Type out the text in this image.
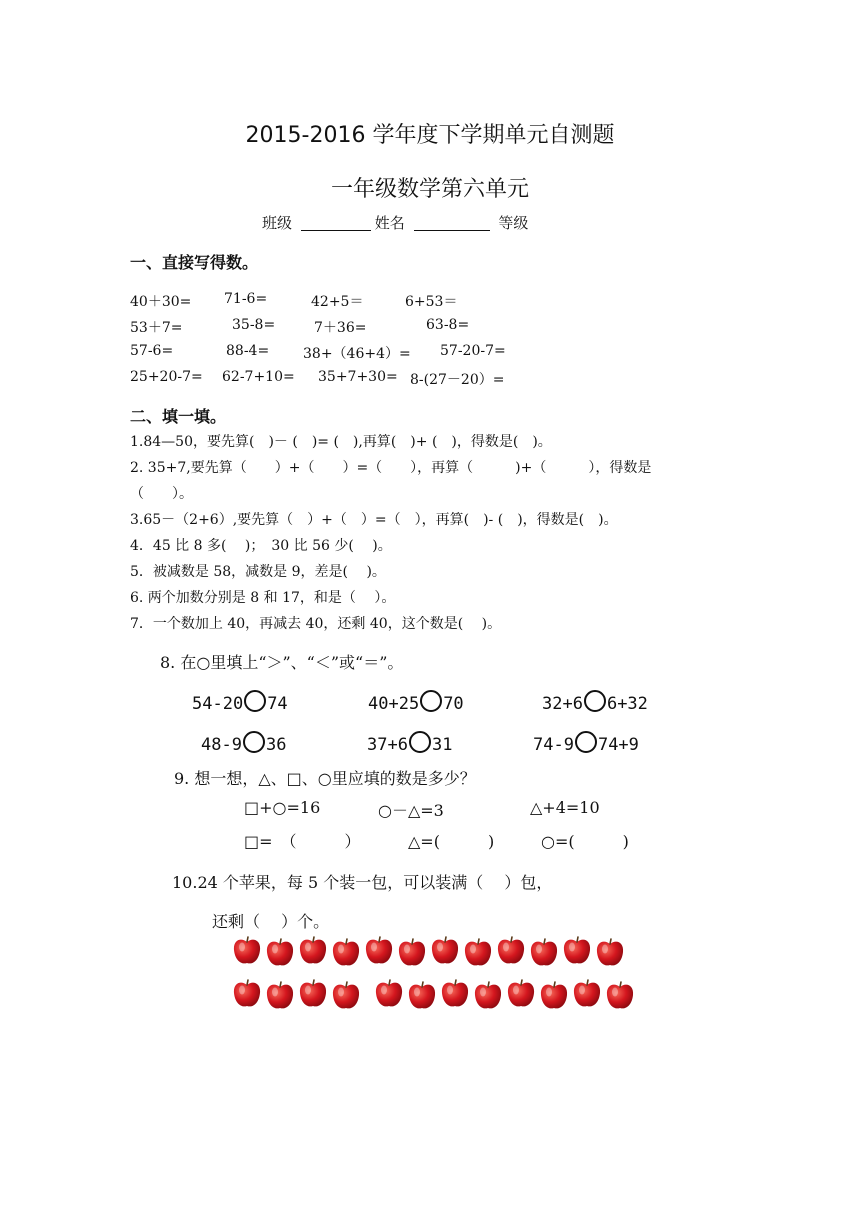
2015-2016 学年度下学期单元自测题
一年级数学第六单元
班级	姓名	等级
一、直接写得数。
40＋30= 71-6=	42+5＝	6+53＝
53＋7=	35-8=	7＋36=	63-8=
57-6=	88-4= 38+（46+4）= 57-20-7=
25+20-7= 62-7+10= 35+7+30= 8-(27－20）=
二、填一填。
1.84—50，要先算(　)－ (　)= (　),再算(　)+ (　)，得数是(　)。
2. 35+7,要先算（　　）+（　　）=（　　），再算（　　　)+（　　　），得数是
（　　）。
3.65－（2+6）,要先算（　）+（　）=（　），再算(　)- (　)，得数是(　)。
4．45 比 8 多(　 )；　30 比 56 少(　 )。
5．被减数是 58，减数是 9，差是(　 )。
6. 两个加数分别是 8 和 17，和是（　 ）。
7．一个数加上 40，再减去 40，还剩 40，这个数是(　 )。
8. 在○里填上“＞”、“＜”或“＝”。
54-20 74	40+25 70	32+6 6+32
48-9 36	37+6 31	74-9 74+9
9. 想一想，△、□、○里应填的数是多少？
□+○=16	○－△=3	△+4=10
□=　（　　　）	△=(　　　)	○=(　　　)
10.24 个苹果，每 5 个装一包，可以装满（　 ）包，
还剩（　 ）个。
